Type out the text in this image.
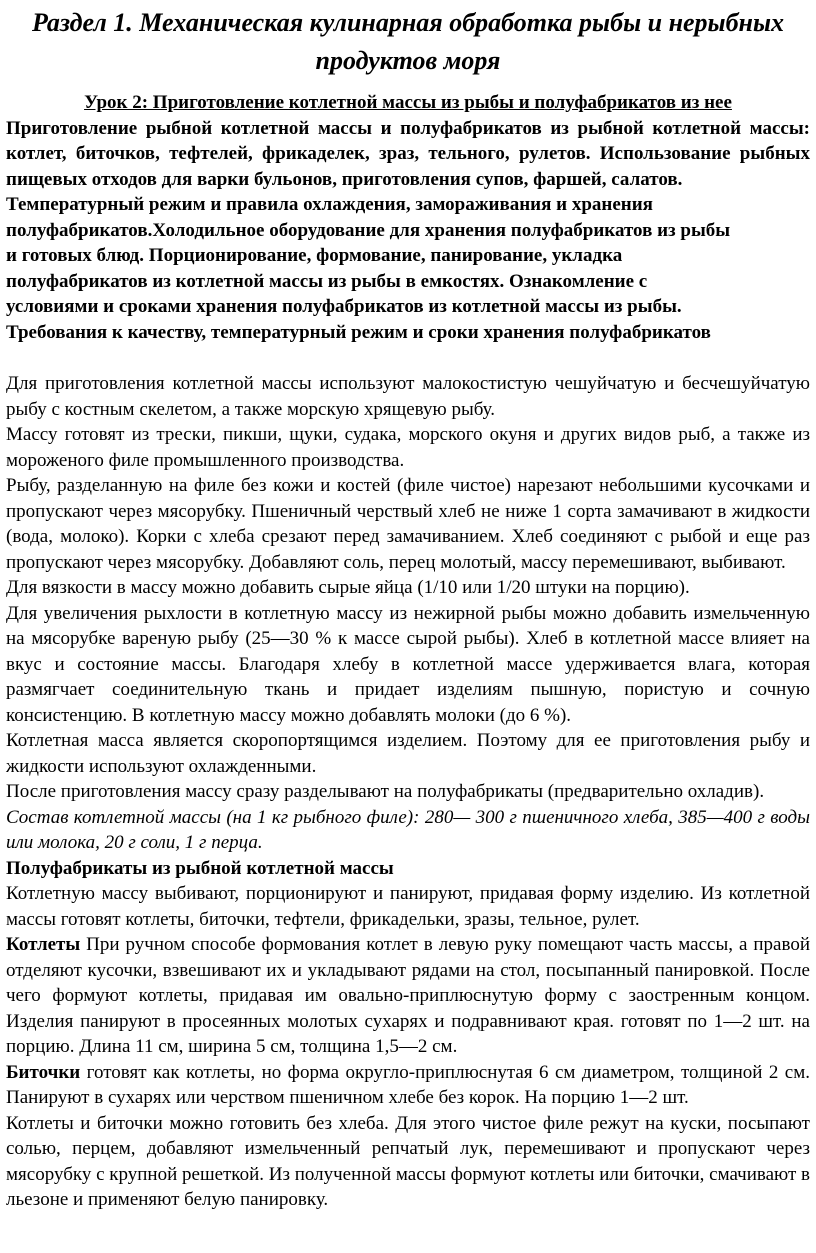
Раздел 1. Механическая кулинарная обработка рыбы и нерыбных
продуктов моря
Урок 2: Приготовление котлетной массы из рыбы и полуфабрикатов из нее

Приготовление рыбной котлетной массы и полуфабрикатов из рыбной котлетной массы: котлет, биточков, тефтелей, фрикаделек, зраз, тельного, рулетов. Использование рыбных пищевых отходов для варки бульонов, приготовления супов, фаршей, салатов.

Температурный режим и правила охлаждения, замораживания и хранения
полуфабрикатов.Холодильное оборудование для хранения полуфабрикатов из рыбы
и готовых блюд. Порционирование, формование, панирование, укладка
полуфабрикатов из котлетной массы из рыбы в емкостях. Ознакомление с
условиями и сроками хранения полуфабрикатов из котлетной массы из рыбы.
Требования к качеству, температурный режим и сроки хранения полуфабрикатов

Для приготовления котлетной массы используют малокостистую чешуйчатую и бесчешуйчатую рыбу с костным скелетом, а также морскую хрящевую рыбу.

Массу готовят из трески, пикши, щуки, судака, морского окуня и других видов рыб, а также из мороженого филе промышленного производства.

Рыбу, разделанную на филе без кожи и костей (филе чистое) нарезают небольшими кусочками и пропускают через мясорубку. Пшеничный черствый хлеб не ниже 1 сорта замачивают в жидкости (вода, молоко). Корки с хлеба срезают перед замачиванием. Хлеб соединяют с рыбой и еще раз пропускают через мясорубку. Добавляют соль, перец молотый, массу перемешивают, выбивают.

Для вязкости в массу можно добавить сырые яйца (1/10 или 1/20 штуки на порцию).

Для увеличения рыхлости в котлетную массу из нежирной рыбы можно добавить измельченную на мясорубке вареную рыбу (25—30 % к массе сырой рыбы). Хлеб в котлетной массе влияет на вкус и состояние массы. Благодаря хлебу в котлетной массе удерживается влага, которая размягчает соединительную ткань и придает изделиям пышную, пористую и сочную консистенцию. В котлетную массу можно добавлять молоки (до 6 %).

Котлетная масса является скоропортящимся изделием. Поэтому для ее приготовления рыбу и жидкости используют охлажденными.

После приготовления массу сразу разделывают на полуфабрикаты (предварительно охладив).

Состав котлетной массы (на 1 кг рыбного филе): 280— 300 г пшеничного хлеба, 385—400 г воды или молока, 20 г соли, 1 г перца.

Полуфабрикаты из рыбной котлетной массы

Котлетную массу выбивают, порционируют и панируют, придавая форму изделию. Из котлетной массы готовят котлеты, биточки, тефтели, фрикадельки, зразы, тельное, рулет.

Котлеты При ручном способе формования котлет в левую руку помещают часть массы, а правой отделяют кусочки, взвешивают их и укладывают рядами на стол, посыпанный панировкой. После чего формуют котлеты, придавая им овально-приплюснутую форму с заостренным концом. Изделия панируют в просеянных молотых сухарях и подравнивают края. готовят по 1—2 шт. на порцию. Длина 11 см, ширина 5 см, толщина 1,5—2 см.

Биточки готовят как котлеты, но форма округло-приплюснутая 6 см диаметром, толщиной 2 см. Панируют в сухарях или черством пшеничном хлебе без корок. На порцию 1—2 шт.

Котлеты и биточки можно готовить без хлеба. Для этого чистое филе режут на куски, посыпают солью, перцем, добавляют измельченный репчатый лук, перемешивают и пропускают через мясорубку с крупной решеткой. Из полученной массы формуют котлеты или биточки, смачивают в льезоне и применяют белую панировку.
